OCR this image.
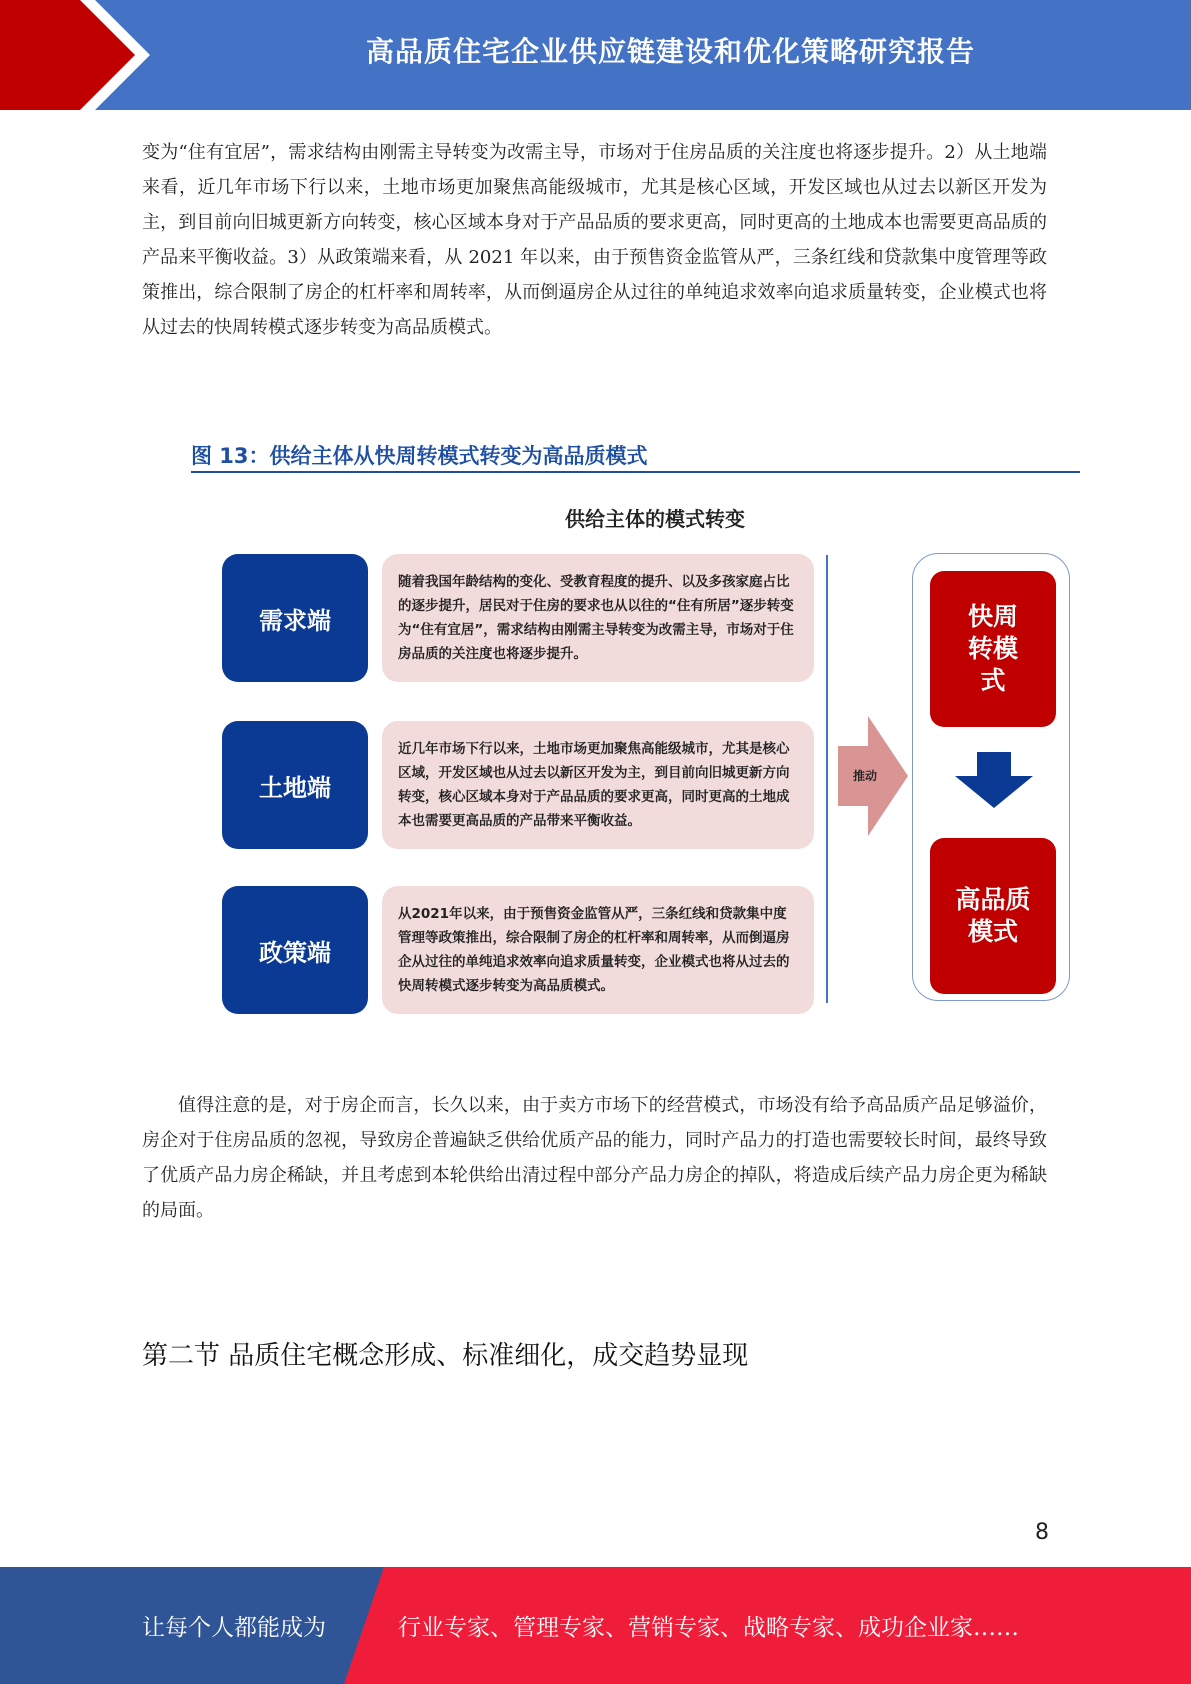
高品质住宅企业供应链建设和优化策略研究报告

变为“住有宜居”，需求结构由刚需主导转变为改需主导，市场对于住房品质的关注度也将逐步提升。2）从土地端来看，近几年市场下行以来，土地市场更加聚焦高能级城市，尤其是核心区域，开发区域也从过去以新区开发为主，到目前向旧城更新方向转变，核心区域本身对于产品品质的要求更高，同时更高的土地成本也需要更高品质的产品来平衡收益。3）从政策端来看，从 2021 年以来，由于预售资金监管从严，三条红线和贷款集中度管理等政策推出，综合限制了房企的杠杆率和周转率，从而倒逼房企从过往的单纯追求效率向追求质量转变，企业模式也将从过去的快周转模式逐步转变为高品质模式。

图 13：供给主体从快周转模式转变为高品质模式
供给主体的模式转变
需求端
随着我国年龄结构的变化、受教育程度的提升、以及多孩家庭占比的逐步提升，居民对于住房的要求也从以往的“住有所居”逐步转变为“住有宜居”，需求结构由刚需主导转变为改需主导，市场对于住房品质的关注度也将逐步提升。
土地端
近几年市场下行以来，土地市场更加聚焦高能级城市，尤其是核心区域，开发区域也从过去以新区开发为主，到目前向旧城更新方向转变，核心区域本身对于产品品质的要求更高，同时更高的土地成本也需要更高品质的产品带来平衡收益。
政策端
从2021年以来，由于预售资金监管从严，三条红线和贷款集中度管理等政策推出，综合限制了房企的杠杆率和周转率，从而倒逼房企从过往的单纯追求效率向追求质量转变，企业模式也将从过去的快周转模式逐步转变为高品质模式。
推动
快周转模式
高品质模式

值得注意的是，对于房企而言，长久以来，由于卖方市场下的经营模式，市场没有给予高品质产品足够溢价，房企对于住房品质的忽视，导致房企普遍缺乏供给优质产品的能力，同时产品力的打造也需要较长时间，最终导致了优质产品力房企稀缺，并且考虑到本轮供给出清过程中部分产品力房企的掉队，将造成后续产品力房企更为稀缺的局面。

第二节 品质住宅概念形成、标准细化，成交趋势显现
8
让每个人都能成为	行业专家、管理专家、营销专家、战略专家、成功企业家……
